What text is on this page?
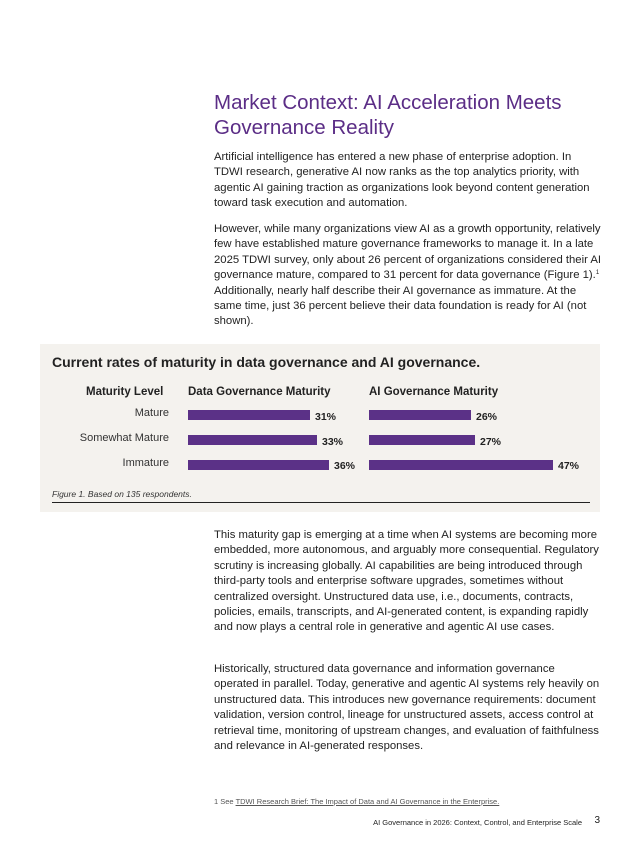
Market Context: AI Acceleration Meets Governance Reality

Artificial intelligence has entered a new phase of enterprise adoption. In TDWI research, generative AI now ranks as the top analytics priority, with agentic AI gaining traction as organizations look beyond content generation toward task execution and automation.

However, while many organizations view AI as a growth opportunity, relatively few have established mature governance frameworks to manage it. In a late 2025 TDWI survey, only about 26 percent of organizations considered their AI governance mature, compared to 31 percent for data governance (Figure 1).$^1$ Additionally, nearly half describe their AI governance as immature. At the same time, just 36 percent believe their data foundation is ready for AI (not shown).

Current rates of maturity in data governance and AI governance.
Maturity Level Data Governance Maturity	AI Governance Maturity
Mature
Somewhat Mature
Immature
31%
33%
36%
26%
27%
47%

Figure 1. Based on 135 respondents.

This maturity gap is emerging at a time when AI systems are becoming more embedded, more autonomous, and arguably more consequential. Regulatory scrutiny is increasing globally. AI capabilities are being introduced through third-party tools and enterprise software upgrades, sometimes without centralized oversight. Unstructured data use, i.e., documents, contracts, policies, emails, transcripts, and AI-generated content, is expanding rapidly and now plays a central role in generative and agentic AI use cases.

Historically, structured data governance and information governance operated in parallel. Today, generative and agentic AI systems rely heavily on unstructured data. This introduces new governance requirements: document validation, version control, lineage for unstructured assets, access control at retrieval time, monitoring of upstream changes, and evaluation of faithfulness and relevance in AI-generated responses.

1 See TDWI Research Brief: The Impact of Data and AI Governance in the Enterprise.
AI Governance in 2026: Context, Control, and Enterprise Scale 3
